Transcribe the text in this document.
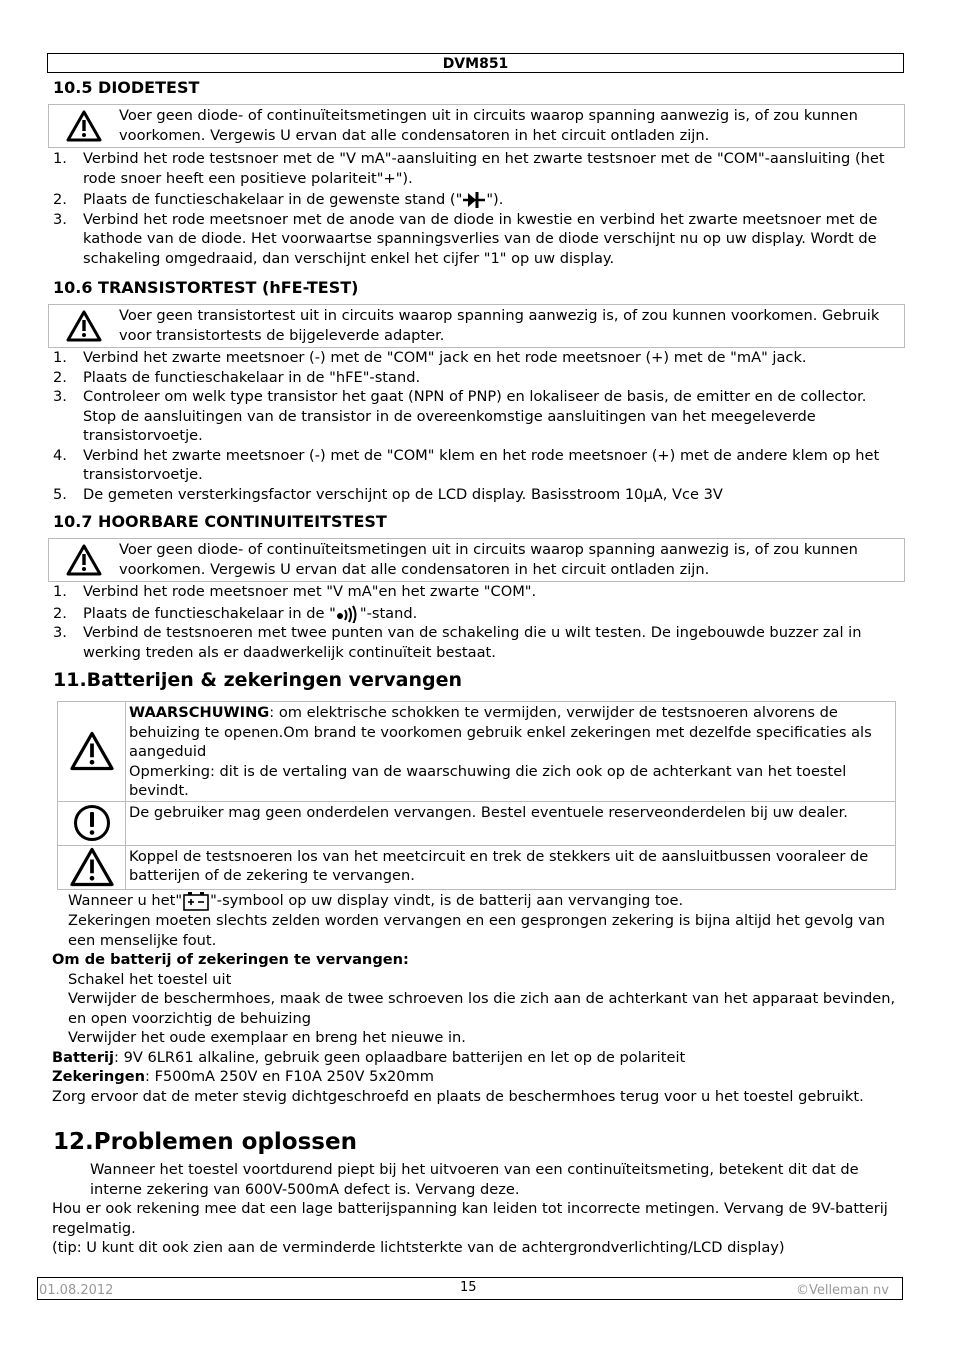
DVM851
10.5 DIODETEST
Voer geen diode- of continuïteitsmetingen uit in circuits waarop spanning aanwezig is, of zou kunnen voorkomen. Vergewis U ervan dat alle condensatoren in het circuit ontladen zijn.
1. Verbind het rode testsnoer met de "V mA"-aansluiting en het zwarte testsnoer met de "COM"-aansluiting (het rode snoer heeft een positieve polariteit"+").
2. Plaats de functieschakelaar in de gewenste stand (" ").
3. Verbind het rode meetsnoer met de anode van de diode in kwestie en verbind het zwarte meetsnoer met de kathode van de diode. Het voorwaartse spanningsverlies van de diode verschijnt nu op uw display. Wordt de schakeling omgedraaid, dan verschijnt enkel het cijfer "1" op uw display.
10.6 TRANSISTORTEST (hFE-TEST)
Voer geen transistortest uit in circuits waarop spanning aanwezig is, of zou kunnen voorkomen. Gebruik voor transistortests de bijgeleverde adapter.
1. Verbind het zwarte meetsnoer (-) met de "COM" jack en het rode meetsnoer (+) met de "mA" jack.
2. Plaats de functieschakelaar in de "hFE"-stand.
3. Controleer om welk type transistor het gaat (NPN of PNP) en lokaliseer de basis, de emitter en de collector. Stop de aansluitingen van de transistor in de overeenkomstige aansluitingen van het meegeleverde transistorvoetje.
4. Verbind het zwarte meetsnoer (-) met de "COM" klem en het rode meetsnoer (+) met de andere klem op het transistorvoetje.
5. De gemeten versterkingsfactor verschijnt op de LCD display. Basisstroom 10µA, Vce 3V
10.7 HOORBARE CONTINUITEITSTEST
Voer geen diode- of continuïteitsmetingen uit in circuits waarop spanning aanwezig is, of zou kunnen voorkomen. Vergewis U ervan dat alle condensatoren in het circuit ontladen zijn.
1. Verbind het rode meetsnoer met "V mA"en het zwarte "COM".
2. Plaats de functieschakelaar in de " "-stand.
3. Verbind de testsnoeren met twee punten van de schakeling die u wilt testen. De ingebouwde buzzer zal in werking treden als er daadwerkelijk continuïteit bestaat.
11.Batterijen & zekeringen vervangen
	WAARSCHUWING: om elektrische schokken te vermijden, verwijder de testsnoeren alvorens de behuizing te openen.Om brand te voorkomen gebruik enkel zekeringen met dezelfde specificaties als aangeduid
Opmerking: dit is de vertaling van de waarschuwing die zich ook op de achterkant van het toestel bevindt.
	De gebruiker mag geen onderdelen vervangen. Bestel eventuele reserveonderdelen bij uw dealer.
	Koppel de testsnoeren los van het meetcircuit en trek de stekkers uit de aansluitbussen vooraleer de batterijen of de zekering te vervangen.
Wanneer u het" "-symbool op uw display vindt, is de batterij aan vervanging toe.
Zekeringen moeten slechts zelden worden vervangen en een gesprongen zekering is bijna altijd het gevolg van een menselijke fout.
Om de batterij of zekeringen te vervangen:
Schakel het toestel uit
Verwijder de beschermhoes, maak de twee schroeven los die zich aan de achterkant van het apparaat bevinden, en open voorzichtig de behuizing
Verwijder het oude exemplaar en breng het nieuwe in.
Batterij: 9V 6LR61 alkaline, gebruik geen oplaadbare batterijen en let op de polariteit
Zekeringen: F500mA 250V en F10A 250V 5x20mm
Zorg ervoor dat de meter stevig dichtgeschroefd en plaats de beschermhoes terug voor u het toestel gebruikt.
12.Problemen oplossen
Wanneer het toestel voortdurend piept bij het uitvoeren van een continuïteitsmeting, betekent dit dat de interne zekering van 600V-500mA defect is. Vervang deze.
Hou er ook rekening mee dat een lage batterijspanning kan leiden tot incorrecte metingen. Vervang de 9V-batterij regelmatig.
(tip: U kunt dit ook zien aan de verminderde lichtsterkte van de achtergrondverlichting/LCD display)
01.08.2012	15	©Velleman nv
